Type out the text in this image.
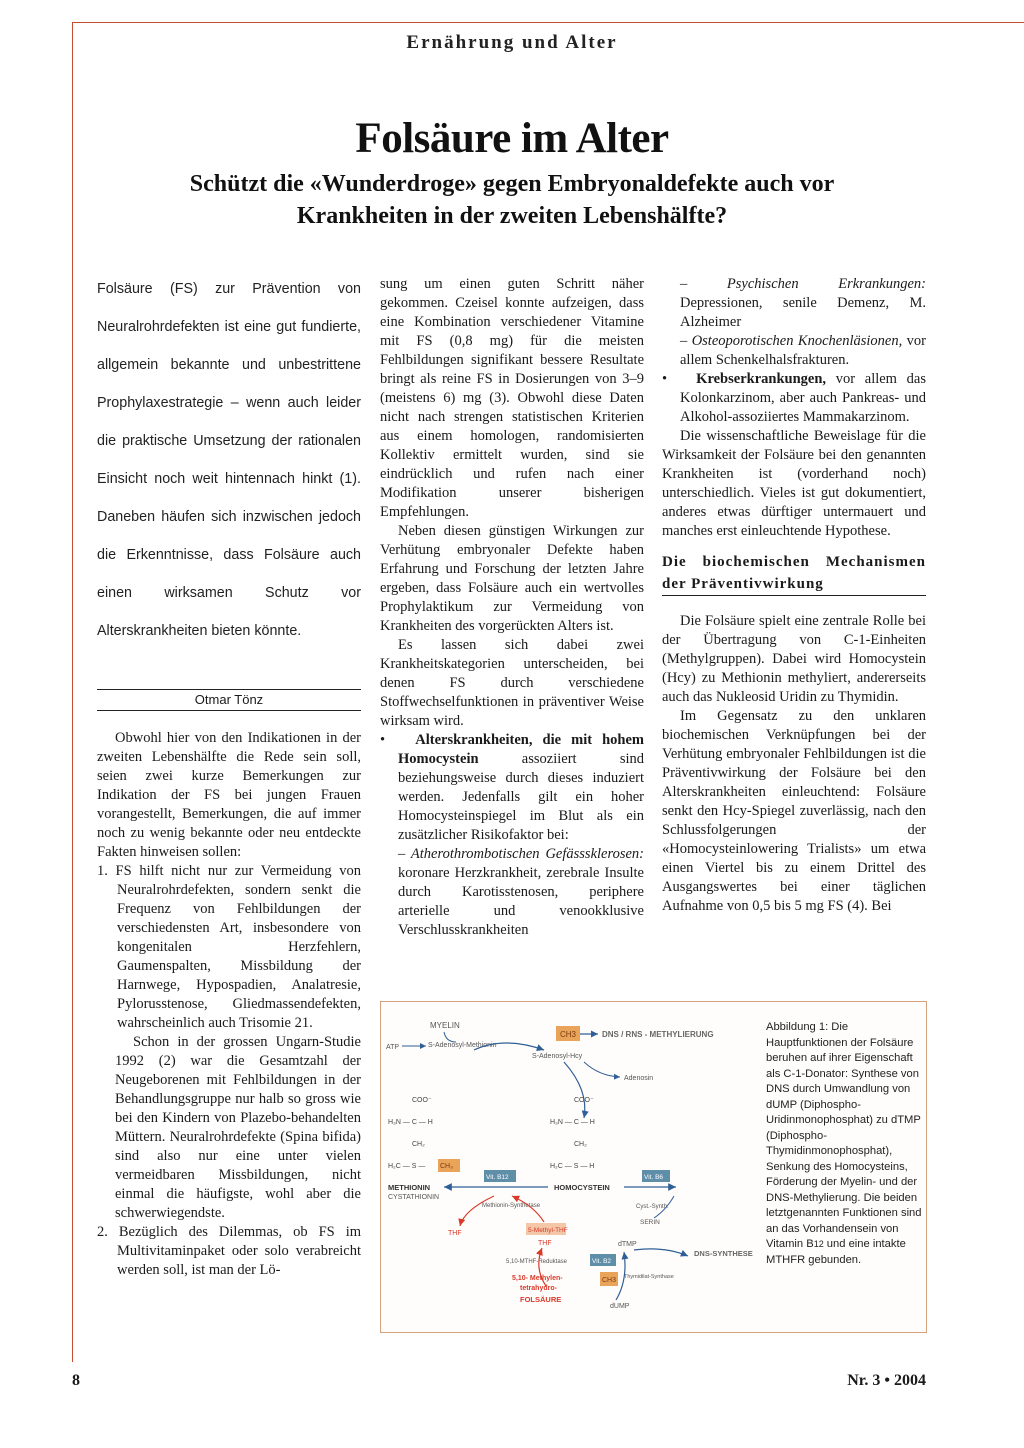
Ernährung und Alter
Folsäure im Alter
Schützt die «Wunderdroge» gegen Embryonaldefekte auch vor Krankheiten in der zweiten Lebenshälfte?
Folsäure (FS) zur Prävention von Neuralrohrdefekten ist eine gut fundierte, allgemein bekannte und unbestrittene Prophylaxestrategie – wenn auch leider die praktische Umsetzung der rationalen Einsicht noch weit hintennach hinkt (1). Daneben häufen sich inzwischen jedoch die Erkenntnisse, dass Folsäure auch einen wirksamen Schutz vor Alterskrankheiten bieten könnte.
Otmar Tönz

Obwohl hier von den Indikationen in der zweiten Lebenshälfte die Rede sein soll, seien zwei kurze Bemerkungen zur Indikation der FS bei jungen Frauen vorangestellt, Bemerkungen, die auf immer noch zu wenig bekannte oder neu entdeckte Fakten hinweisen sollen:

1. FS hilft nicht nur zur Vermeidung von Neuralrohrdefekten, sondern senkt die Frequenz von Fehlbildungen der verschiedensten Art, insbesondere von kongenitalen Herzfehlern, Gaumenspalten, Missbildung der Harnwege, Hypospadien, Analatresie, Pylorusstenose, Gliedmassendefekten, wahrscheinlich auch Trisomie 21.

Schon in der grossen Ungarn-Studie 1992 (2) war die Gesamtzahl der Neugeborenen mit Fehlbildungen in der Behandlungsgruppe nur halb so gross wie bei den Kindern von Plazebo-behandelten Müttern. Neuralrohrdefekte (Spina bifida) sind also nur eine unter vielen vermeidbaren Missbildungen, nicht einmal die häufigste, wohl aber die schwerwiegendste.

2. Bezüglich des Dilemmas, ob FS im Multivitaminpaket oder solo verabreicht werden soll, ist man der Lö-

sung um einen guten Schritt näher gekommen. Czeisel konnte aufzeigen, dass eine Kombination verschiedener Vitamine mit FS (0,8 mg) für die meisten Fehlbildungen signifikant bessere Resultate bringt als reine FS in Dosierungen von 3–9 (meistens 6) mg (3). Obwohl diese Daten nicht nach strengen statistischen Kriterien aus einem homologen, randomisierten Kollektiv ermittelt wurden, sind sie eindrücklich und rufen nach einer Modifikation unserer bisherigen Empfehlungen.

Neben diesen günstigen Wirkungen zur Verhütung embryonaler Defekte haben Erfahrung und Forschung der letzten Jahre ergeben, dass Folsäure auch ein wertvolles Prophylaktikum zur Vermeidung von Krankheiten des vorgerückten Alters ist.

Es lassen sich dabei zwei Krankheitskategorien unterscheiden, bei denen FS durch verschiedene Stoffwechselfunktionen in präventiver Weise wirksam wird.

•   Alterskrankheiten, die mit hohem Homocystein assoziiert sind beziehungsweise durch dieses induziert werden. Jedenfalls gilt ein hoher Homocysteinspiegel im Blut als ein zusätzlicher Risikofaktor bei:

– Atherothrombotischen Gefässsklerosen: koronare Herzkrankheit, zerebrale Insulte durch Karotisstenosen, periphere arterielle und venookklusive Verschlusskrankheiten

– Psychischen Erkrankungen: Depressionen, senile Demenz, M. Alzheimer

– Osteoporotischen Knochenläsionen, vor allem Schenkelhalsfrakturen.

•   Krebserkrankungen, vor allem das Kolonkarzinom, aber auch Pankreas- und Alkohol-assoziiertes Mammakarzinom.

Die wissenschaftliche Beweislage für die Wirksamkeit der Folsäure bei den genannten Krankheiten ist (vorderhand noch) unterschiedlich. Vieles ist gut dokumentiert, anderes etwas dürftiger untermauert und manches erst einleuchtende Hypothese.

Die biochemischen Mechanismen der Präventivwirkung

Die Folsäure spielt eine zentrale Rolle bei der Übertragung von C-1-Einheiten (Methylgruppen). Dabei wird Homocystein (Hcy) zu Methionin methyliert, andererseits auch das Nukleosid Uridin zu Thymidin.

Im Gegensatz zu den unklaren biochemischen Verknüpfungen bei der Verhütung embryonaler Fehlbildungen ist die Präventivwirkung der Folsäure bei den Alterskrankheiten einleuchtend: Folsäure senkt den Hcy-Spiegel zuverlässig, nach den Schlussfolgerungen der «Homocysteinlowering Trialists» um etwa einen Viertel bis zu einem Drittel des Ausgangswertes bei einer täglichen Aufnahme von 0,5 bis 5 mg FS (4). Bei

MYELIN
CH3	DNS / RNS - METHYLIERUNG
ATP	S-Adenosyl-Methionin
S-Adenosyl-Hcy
Adenosin
COO⁻
H₃N — C — H
CH₂
H₂C — S — CH₃
COO⁻
H₃N — C — H
CH₂
H₂C — S — H
Vit. B12	Vit. B6
METHIONIN
CYSTATHIONIN
HOMOCYSTEIN
Methionin-Synthetase	Cyst.-Synth.
SERIN
THF	5-Methyl-THF
THF
5,10-MTHF-Reduktase	Vit. B2
dTMP
DNS-SYNTHESE
5,10- Methylen-
tetrahydro-
FOLSÄURE
CH3 Thymidilat-Synthase
dUMP
Abbildung 1: Die Hauptfunktionen der Folsäure beruhen auf ihrer Eigenschaft als C-1-Donator: Synthese von DNS durch Umwandlung von dUMP (Diphospho-Uridinmonophosphat) zu dTMP (Diphospho-Thymidinmonophosphat), Senkung des Homocysteins, Förderung der Myelin- und der DNS-Methylierung. Die beiden letztgenannten Funktionen sind an das Vorhandensein von Vitamin B12 und eine intakte MTHFR gebunden.
8	Nr. 3 • 2004
